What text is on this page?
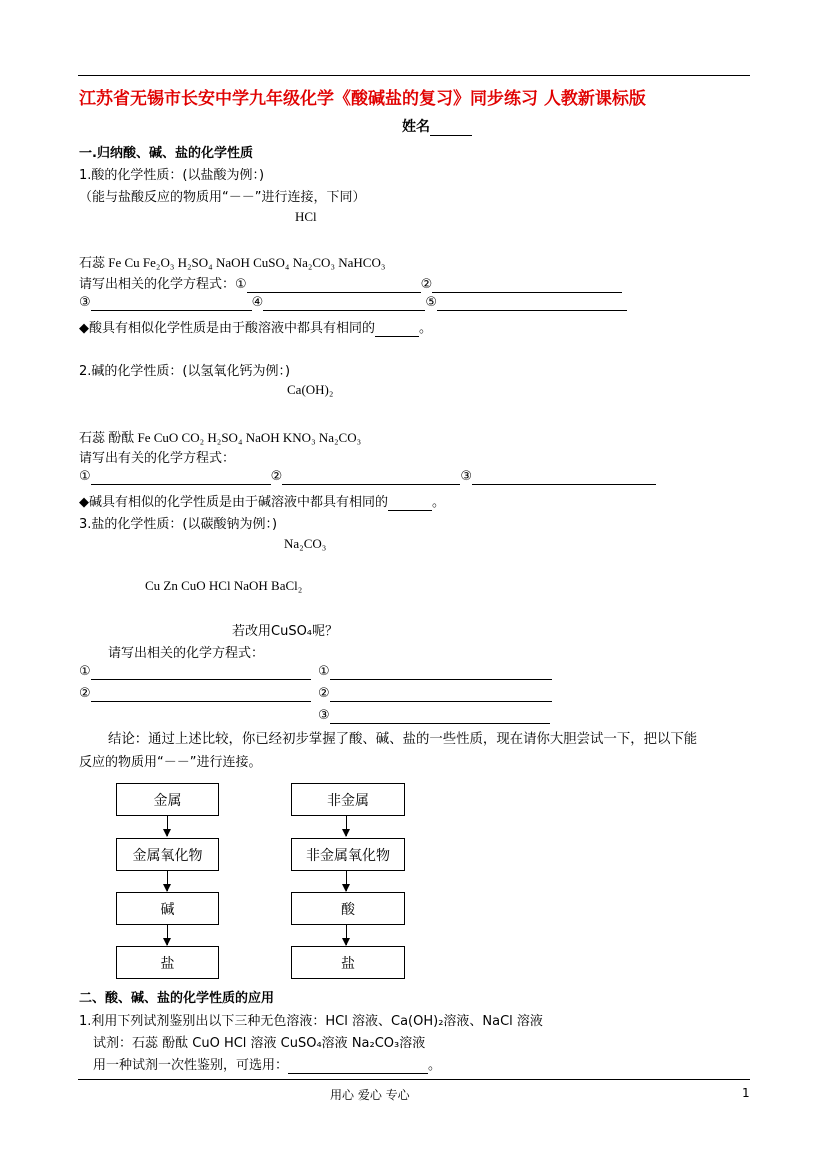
江苏省无锡市长安中学九年级化学《酸碱盐的复习》同步练习 人教新课标版
姓名
一.归纳酸、碱、盐的化学性质
1.酸的化学性质：(以盐酸为例：)
（能与盐酸反应的物质用“－－”进行连接，下同）
HCl
石蕊 Fe Cu Fe₂O₃ H₂SO₄ NaOH CuSO₄ Na₂CO₃ NaHCO₃
请写出相关的化学方程式：①	②
③	④	⑤
◆酸具有相似化学性质是由于酸溶液中都具有相同的	。
2.碱的化学性质：(以氢氧化钙为例：)
Ca(OH)₂
石蕊 酚酞 Fe CuO CO₂ H₂SO₄ NaOH KNO₃ Na₂CO₃
请写出有关的化学方程式：
①	②	③
◆碱具有相似的化学性质是由于碱溶液中都具有相同的	。
3.盐的化学性质：(以碳酸钠为例：)
Na₂CO₃
Cu Zn CuO HCl NaOH BaCl₂
若改用CuSO₄呢？
请写出相关的化学方程式：
①	①
②	②
③
结论：通过上述比较，你已经初步掌握了酸、碱、盐的一些性质，现在请你大胆尝试一下，把以下能
反应的物质用“－－”进行连接。
金属
金属氧化物
碱
盐
非金属
非金属氧化物
酸
盐
二、酸、碱、盐的化学性质的应用
1.利用下列试剂鉴别出以下三种无色溶液：HCl 溶液、Ca(OH)₂溶液、NaCl 溶液
试剂：石蕊 酚酞 CuO HCl 溶液 CuSO₄溶液 Na₂CO₃溶液
用一种试剂一次性鉴别，可选用：	。
用心 爱心 专心	1
